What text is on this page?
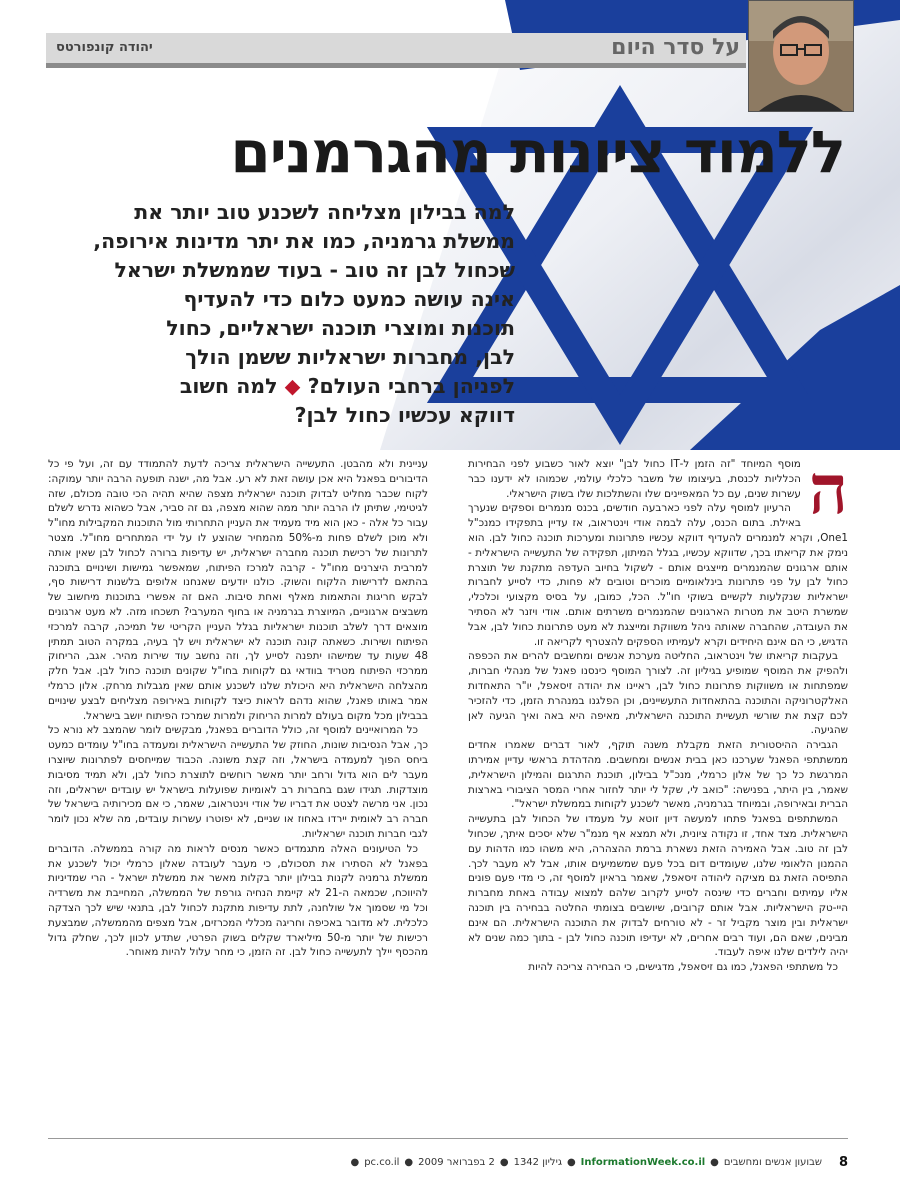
על סדר היום
יהודה קונפורטס
ללמוד ציונות מהגרמנים
למה בבילון מצליחה לשכנע טוב יותר את
ממשלת גרמניה, כמו את יתר מדינות אירופה,
שכחול לבן זה טוב - בעוד שממשלת ישראל
אינה עושה כמעט כלום כדי להעדיף
תוכנות ומוצרי תוכנה ישראליים, כחול
לבן, מחברות ישראליות ששמן הולך
לפניהן ברחבי העולם? ◆ למה חשוב
דווקא עכשיו כחול לבן?
ה

מוסף המיוחד "זה הזמן ל-IT כחול לבן" יוצא לאור כשבוע לפני הבחירות הכלליות לכנסת, בעיצומו של משבר כלכלי עולמי, שכמוהו לא ידענו כבר עשרות שנים, עם כל המאפיינים שלו והשתלכות שלו בשוק הישראלי.

הרעיון למוסף עלה לפני כארבעה חודשים, בכנס מנמרים וספקים שנערך באילת. בתום הכנס, עלה לבמה אודי וינטראוב, אז עדיין בתפקידו כמנכ"ל One1, וקרא למנמרים להעדיף דווקא עכשיו פתרונות ומערכות תוכנה כחול לבן. הוא נימק את קריאתו בכך, שדווקא עכשיו, בגלל המיתון, תפקידה של התעשייה הישראלית - אותם ארגונים שהמנמרים מייצגים אותם - לשקול בחיוב העדפה מתקנת של תוצרת כחול לבן על פני פתרונות בינלאומיים מוכרים וטובים לא פחות, כדי לסייע לחברות ישראליות שנקלעות לקשיים בשוקי חו"ל. הכל, כמובן, על בסיס מקצועי וכלכלי, שמשרת היטב את מטרות הארגונים שהמנמרים משרתים אותם. אודי ויזנר לא הסתיר את העובדה, שהחברה שאותה ניהל משווקת ומייצגת לא מעט פתרונות כחול לבן, אבל הדגיש, כי הם אינם היחידים וקרא לעמיתיו הספקים להצטרף לקריאה זו.

בעקבות קריאתו של וינטראוב, החליטה מערכת אנשים ומחשבים להרים את הכפפה ולהפיק את המוסף שמופיע בגיליון זה. לצורך המוסף כינסנו פאנל של מנהלי חברות, שמפתחות או משווקות פתרונות כחול לבן, ראיינו את יהודה זיסאפל, יו"ר התאחדות האלקטרוניקה והתוכנה בהתאחדות התעשיינים, וכן הפלגנו במנהרת הזמן, כדי להזכיר לכם קצת את שורשי תעשיית התוכנה הישראלית, מאיפה היא באה ואיך הגיעה לאן שהגיעה.

הגבירה ההיסטורית הזאת מקבלת משנה תוקף, לאור דברים שאמרו אחדים ממשתתפי הפאנל שערכנו כאן בבית אנשים ומחשבים. מהדהדת בראשי עדיין אמירתו המרגשת כל כך של אלון כרמלי, מנכ"ל בבילון, תוכנת התרגום והמילון הישראלית, שאמר, בין היתר, בפנישה: "כואב לי, שקל לי יותר לחזור אחרי המסר הציבורי בארצות הברית ובאירופה, ובמיוחד בגרמניה, מאשר לשכנע לקוחות בממשלת ישראל".

המשתתפים בפאנל פתחו למעשה דיון זוטא על מעמדו של הכחול לבן בתעשייה הישראלית. מצד אחד, זו נקודה ציונית, ולא תמצא אף מנמ"ר שלא יסכים איתך, שכחול לבן זה טוב. אבל האמירה הזאת נשארת ברמת ההצהרה, היא משהו כמו הדהות עם ההמנון הלאומי שלנו, שעומדים דום בכל פעם שמשמיעים אותו, אבל לא מעבר לכך. התפיסה הזאת גם מציקה ליהודה זיסאפל, שאמר בראיון למוסף זה, כי מדי פעם פונים אליו עמיתים וחברים כדי שינסה לסייע לקרוב שלהם למצוא עבודה באחת מחברות היי-טק הישראליות. אבל אותם קרובים, שיושבים בצומתי החלטה בבחירה בין תוכנה ישראלית ובין מוצר מקביל זר - לא טורחים לבדוק את התוכנה הישראלית. הם אינם מבינים, שאם הם, ועוד רבים אחרים, לא יעדיפו תוכנה כחול לבן - בתוך כמה שנים לא יהיה לילדים שלנו איפה לעבוד.

כל משתתפי הפאנל, כמו גם זיסאפל, מדגישים, כי הבחירה צריכה להיות

עניינית ולא מהבטן. התעשייה הישראלית צריכה לדעת להתמודד עם זה, ועל פי כל הדיבורים בפאנל היא אכן עושה זאת לא רע. אבל מה, ישנה תופעה הרבה יותר עמוקה: לקוח שכבר מחליט לבדוק תוכנה ישראלית מצפה שהיא תהיה הכי טובה מכולם, שזה לגיטימי, שתיתן לו הרבה יותר ממה שהוא מצפה, גם זה סביר, אבל כשהוא נדרש לשלם עבור כל אלה - כאן הוא מיד מעמיד את העניין התחרותי מול התוכנות המקבילות מחו"ל ולא מוכן לשלם פחות מ-50% מהמחיר שהוצע לו על ידי המתחרים מחו"ל. מצטר לתרונות של רכישת תוכנה מחברה ישראלית, יש עדיפות ברורה לכחול לבן שאין אותה למרבית היצרנים מחו"ל - קרבה למרכז הפיתוח, שמאפשר גמישות ושינויים בתוכנה בהתאם לדרישות הלקוח והשוק. כולנו יודעים שאנחנו אלופים בלשנות דרישות סף, לבקש חריגות והתאמות מאלף ואחת סיבות. האם זה אפשרי בתוכנות מיחשוב של משבצים ארגוניים, המיוצרת בגרמניה או בחוף המערבי? תשכחו מזה. לא מעט ארגונים מוצאים דרך לשלב תוכנות ישראליות בגלל העניין הקריטי של תמיכה, קרבה למרכזי הפיתוח ושירות. כשאתה קונה תוכנה לא ישראלית ויש לך בעיה, במקרה הטוב תמתין 48 שעות עד שמישהו יתפנה לסייע לך, וזה נחשב עוד שירות מהיר. אגב, הריחוק ממרכזי הפיתוח מטריד בוודאי גם לקוחות בחו"ל שקונים תוכנה כחול לבן. אבל חלק מהצלחה הישראלית היא היכולת שלנו לשכנע אותם שאין מגבלות מרחק. אלון כרמלי אמר באותו פאנל, שהוא נדהם לראות כיצד לקוחות באירופה מצליחים לבצע שינויים בבבילון מכל מקום בעולם למרות הריחוק ולמרות שמרכז הפיתוח יושב בישראל.

כל המרואיינים למוסף זה, כולל הדוברים בפאנל, מבקשים לומר שהמצב לא נורא כל כך, אבל הנסיבות שונות, החוזק של התעשייה הישראלית ומעמדה בחו"ל עומדים כמעט ביחס הפוך למעמדה בישראל, וזה קצת משונה. הכבוד שמייחסים לפתרונות שיוצרו מעבר לים הוא גדול ורחב יותר מאשר רוחשים לתוצרת כחול לבן, ולא תמיד מסיבות מוצדקות. תגידו שגם בחברות רב לאומיות שפועלות בישראל יש עובדים ישראלים, וזה נכון. אני מרשה לצטט את דבריו של אודי וינטראוב, שאמר, כי אם מכירותיה בישראל של חברה רב לאומית יירדו באחוז או שניים, לא יפוטרו עשרות עובדים, מה שלא נכון לומר לגבי חברות תוכנה ישראליות.

כל הטיעונים האלה מתגמדים כאשר מנסים לראות מה קורה בממשלה. הדוברים בפאנל לא הסתירו את תסכולם, כי מעבר לעובדה שאלון כרמלי יכול לשכנע את ממשלת גרמניה לקנות בבילון יותר בקלות מאשר את ממשלת ישראל - הרי שמדיניות להיווכח, שכמאה ה-21 לא קיימת הנחיה גורפת של הממשלה, המחייבת את משרדיה וכל מי שסמוך אל שולחנה, לתת עדיפות מתקנת לכחול לבן, בתנאי שיש לכך הצדקה כלכלית. לא מדובר באכיפה וחריגה מכללי המכרזים, אבל מצפים מהממשלה, שמבצעת רכישות של יותר מ-50 מיליארד שקלים בשוק הפרטי, שתדע לכוון לכך, שחלק גדול מהכסף יילך לתעשייה כחול לבן. זה הזמן, כי מחר עלול להיות מאוחר.

8
שבועון אנשים ומחשבים●InformationWeek.co.il●גיליון 1342●2 בפברואר 2009●pc.co.il●
